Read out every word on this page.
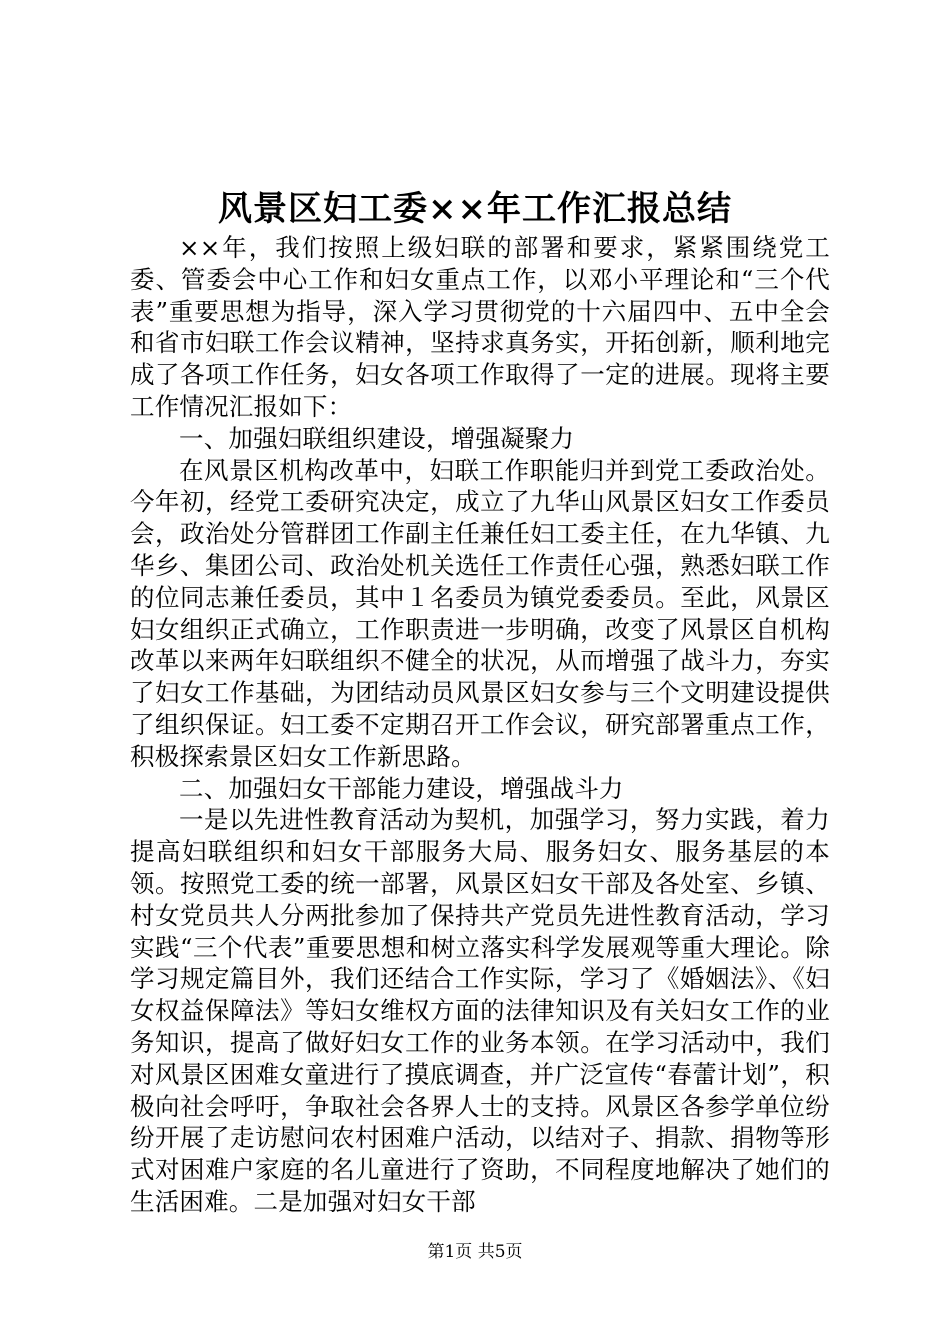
风景区妇工委××年工作汇报总结

××年，我们按照上级妇联的部署和要求，紧紧围绕党工委、管委会中心工作和妇女重点工作，以邓小平理论和“三个代表”重要思想为指导，深入学习贯彻党的十六届四中、五中全会和省市妇联工作会议精神，坚持求真务实，开拓创新，顺利地完成了各项工作任务，妇女各项工作取得了一定的进展。现将主要工作情况汇报如下：

一、加强妇联组织建设，增强凝聚力

在风景区机构改革中，妇联工作职能归并到党工委政治处。今年初，经党工委研究决定，成立了九华山风景区妇女工作委员会，政治处分管群团工作副主任兼任妇工委主任，在九华镇、九华乡、集团公司、政治处机关选任工作责任心强，熟悉妇联工作的位同志兼任委员，其中１名委员为镇党委委员。至此，风景区妇女组织正式确立，工作职责进一步明确，改变了风景区自机构改革以来两年妇联组织不健全的状况，从而增强了战斗力，夯实了妇女工作基础，为团结动员风景区妇女参与三个文明建设提供了组织保证。妇工委不定期召开工作会议，研究部署重点工作，积极探索景区妇女工作新思路。

二、加强妇女干部能力建设，增强战斗力

一是以先进性教育活动为契机，加强学习，努力实践，着力提高妇联组织和妇女干部服务大局、服务妇女、服务基层的本领。按照党工委的统一部署，风景区妇女干部及各处室、乡镇、村女党员共人分两批参加了保持共产党员先进性教育活动，学习实践“三个代表”重要思想和树立落实科学发展观等重大理论。除学习规定篇目外，我们还结合工作实际，学习了《婚姻法》、《妇女权益保障法》等妇女维权方面的法律知识及有关妇女工作的业务知识，提高了做好妇女工作的业务本领。在学习活动中，我们对风景区困难女童进行了摸底调查，并广泛宣传“春蕾计划”，积极向社会呼吁，争取社会各界人士的支持。风景区各参学单位纷纷开展了走访慰问农村困难户活动，以结对子、捐款、捐物等形式对困难户家庭的名儿童进行了资助，不同程度地解决了她们的生活困难。二是加强对妇女干部

第1页 共5页
